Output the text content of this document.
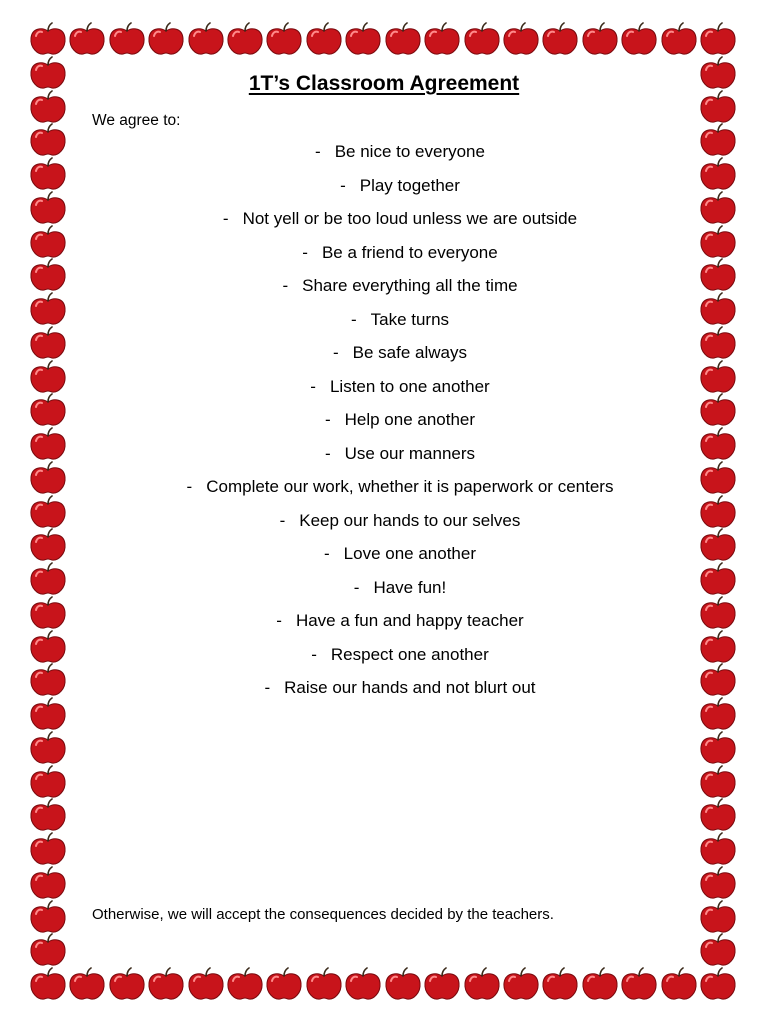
1T’s Classroom Agreement
We agree to:
- Be nice to everyone
- Play together
- Not yell or be too loud unless we are outside
- Be a friend to everyone
- Share everything all the time
- Take turns
- Be safe always
- Listen to one another
- Help one another
- Use our manners
- Complete our work, whether it is paperwork or centers
- Keep our hands to our selves
- Love one another
- Have fun!
- Have a fun and happy teacher
- Respect one another
- Raise our hands and not blurt out
Otherwise, we will accept the consequences decided by the teachers.
